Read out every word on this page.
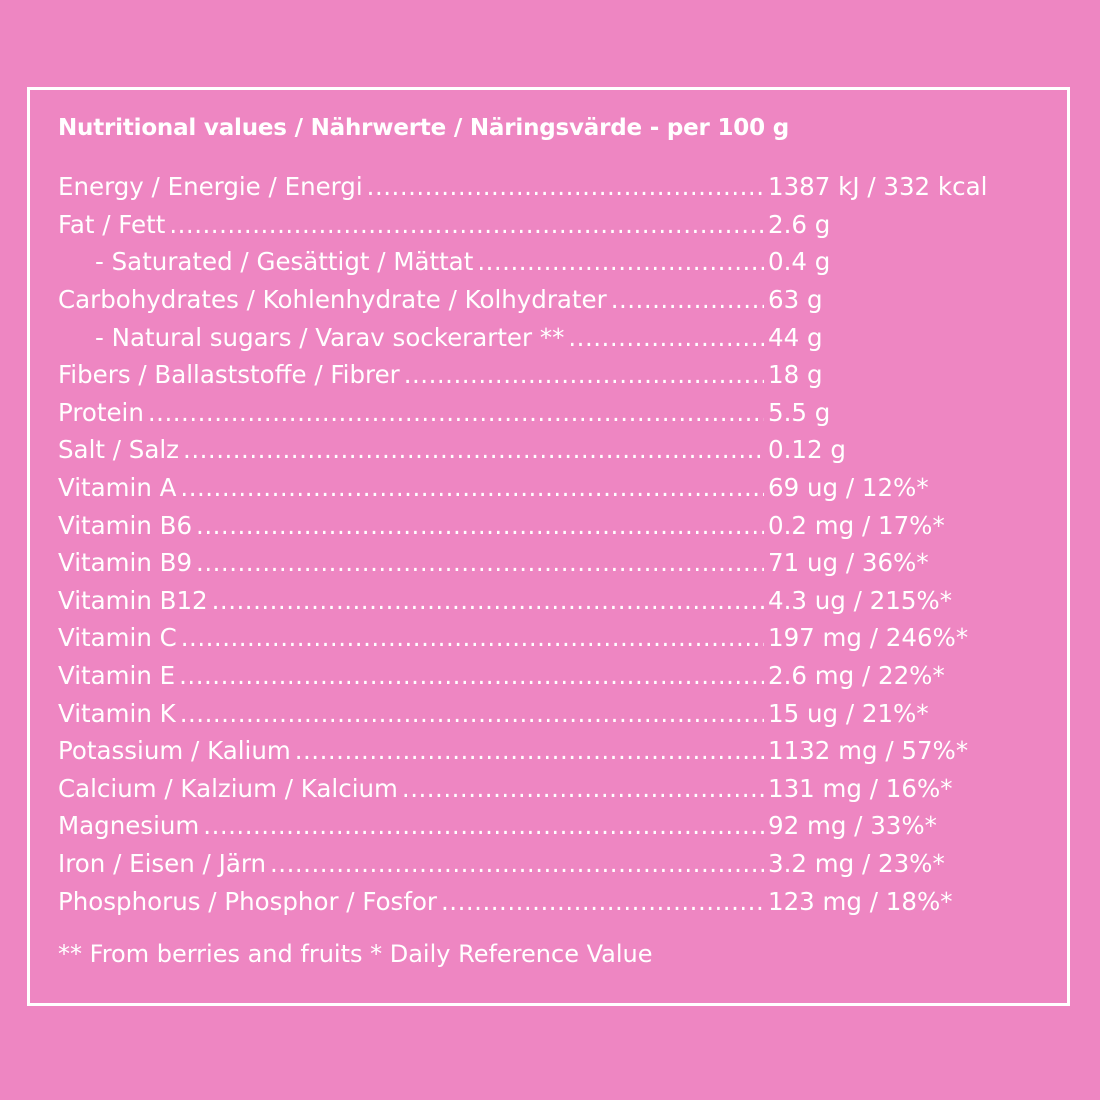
Nutritional values / Nährwerte / Näringsvärde - per 100 g
Energy / Energie / Energi .....	1387 kJ / 332 kcal
Fat / Fett .....	2.6 g
- Saturated / Gesättigt / Mättat .....	0.4 g
Carbohydrates / Kohlenhydrate / Kolhydrater .....	63 g
- Natural sugars / Varav sockerarter ** .....	44 g
Fibers / Ballaststoffe / Fibrer .....	18 g
Protein .....	5.5 g
Salt / Salz .....	0.12 g
Vitamin A .....	69 ug / 12%*
Vitamin B6 .....	0.2 mg / 17%*
Vitamin B9 .....	71 ug / 36%*
Vitamin B12 .....	4.3 ug / 215%*
Vitamin C .....	197 mg / 246%*
Vitamin E .....	2.6 mg / 22%*
Vitamin K .....	15 ug / 21%*
Potassium / Kalium .....	1132 mg / 57%*
Calcium / Kalzium / Kalcium .....	131 mg / 16%*
Magnesium .....	92 mg / 33%*
Iron / Eisen / Järn .....	3.2 mg / 23%*
Phosphorus / Phosphor / Fosfor .....	123 mg / 18%*
** From berries and fruits * Daily Reference Value
